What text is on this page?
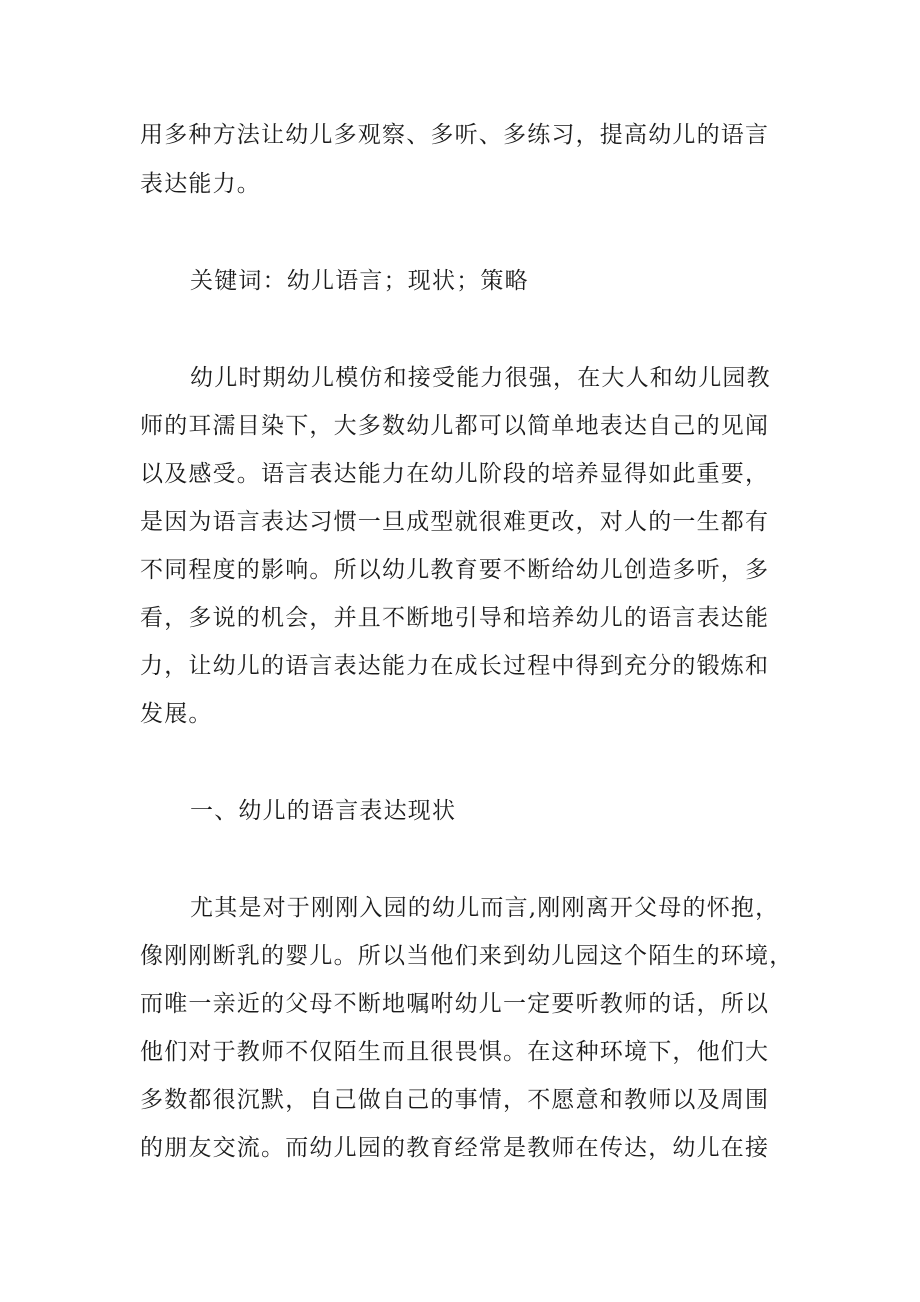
用多种方法让幼儿多观察、多听、多练习，提高幼儿的语言
表达能力。
关键词：幼儿语言；现状；策略
幼儿时期幼儿模仿和接受能力很强，在大人和幼儿园教
师的耳濡目染下，大多数幼儿都可以简单地表达自己的见闻
以及感受。语言表达能力在幼儿阶段的培养显得如此重要，
是因为语言表达习惯一旦成型就很难更改，对人的一生都有
不同程度的影响。所以幼儿教育要不断给幼儿创造多听，多
看，多说的机会，并且不断地引导和培养幼儿的语言表达能
力，让幼儿的语言表达能力在成长过程中得到充分的锻炼和
发展。
一、幼儿的语言表达现状
尤其是对于刚刚入园的幼儿而言,刚刚离开父母的怀抱，
像刚刚断乳的婴儿。所以当他们来到幼儿园这个陌生的环境，
而唯一亲近的父母不断地嘱咐幼儿一定要听教师的话，所以
他们对于教师不仅陌生而且很畏惧。在这种环境下，他们大
多数都很沉默，自己做自己的事情，不愿意和教师以及周围
的朋友交流。而幼儿园的教育经常是教师在传达，幼儿在接
